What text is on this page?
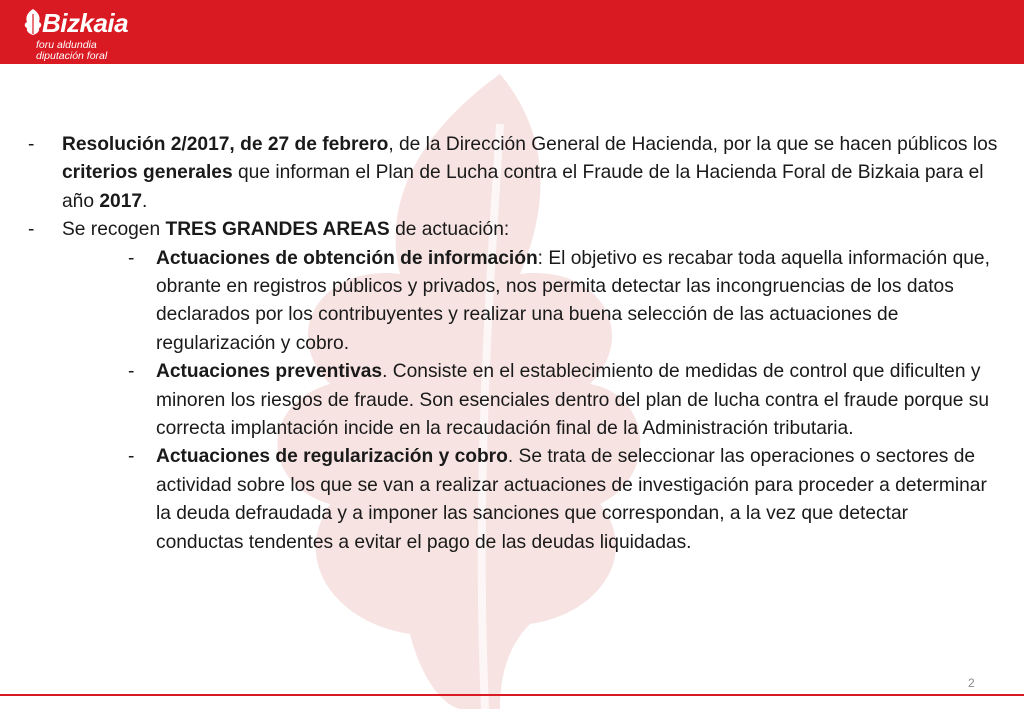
Bizkaia
foru aldundia
diputación foral
- Resolución 2/2017, de 27 de febrero, de la Dirección General de Hacienda, por la que se hacen públicos los criterios generales que informan el Plan de Lucha contra el Fraude de la Hacienda Foral de Bizkaia para el año 2017.
- Se recogen TRES GRANDES AREAS de actuación:
- Actuaciones de obtención de información: El objetivo es recabar toda aquella información que, obrante en registros públicos y privados, nos permita detectar las incongruencias de los datos declarados por los contribuyentes y realizar una buena selección de las actuaciones de regularización y cobro.
- Actuaciones preventivas. Consiste en el establecimiento de medidas de control que dificulten y minoren los riesgos de fraude. Son esenciales dentro del plan de lucha contra el fraude porque su correcta implantación incide en la recaudación final de la Administración tributaria.
- Actuaciones de regularización y cobro. Se trata de seleccionar las operaciones o sectores de actividad sobre los que se van a realizar actuaciones de investigación para proceder a determinar la deuda defraudada y a imponer las sanciones que correspondan, a la vez que detectar conductas tendentes a evitar el pago de las deudas liquidadas.
2
